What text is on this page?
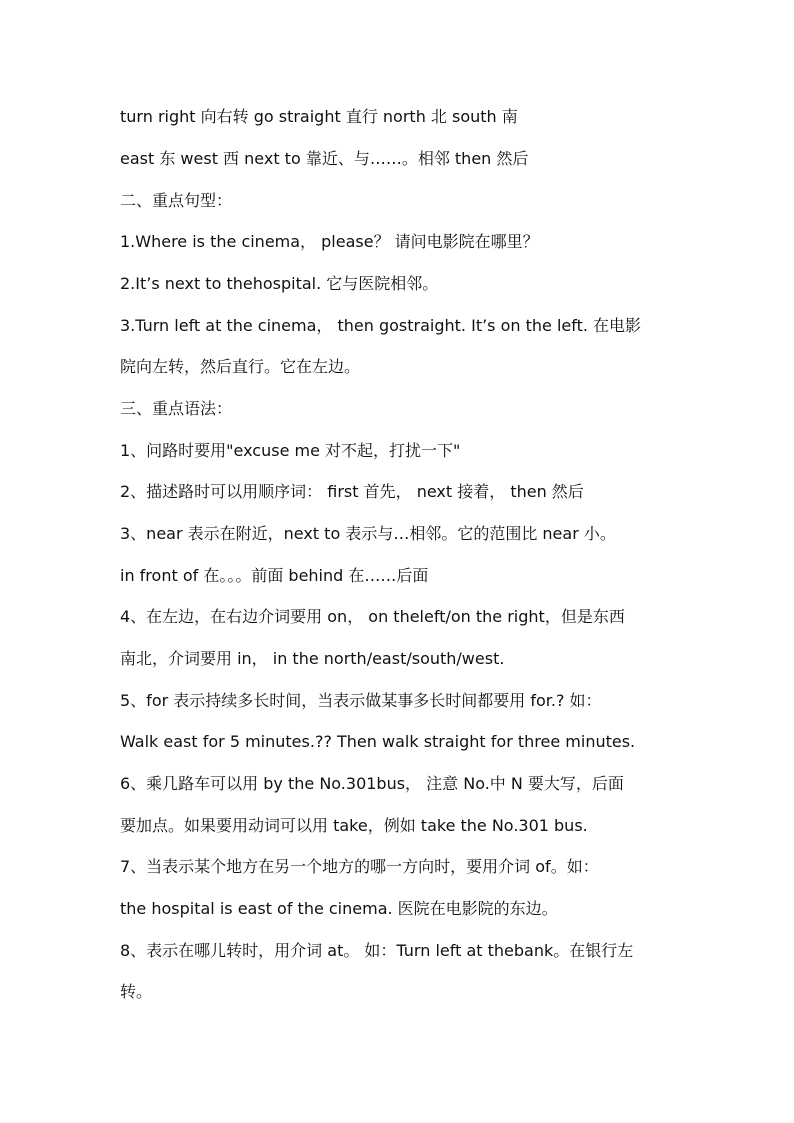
turn right 向右转 go straight 直行 north 北 south 南
east 东 west 西 next to 靠近、与……。相邻 then 然后
二、重点句型：
1.Where is the cinema， please？ 请问电影院在哪里？
2.It’s next to thehospital. 它与医院相邻。
3.Turn left at the cinema， then gostraight. It’s on the left. 在电影
院向左转，然后直行。它在左边。
三、重点语法：
1、问路时要用"excuse me 对不起，打扰一下"
2、描述路时可以用顺序词： first 首先， next 接着， then 然后
3、near 表示在附近，next to 表示与…相邻。它的范围比 near 小。
in front of 在。。。前面 behind 在……后面
4、在左边，在右边介词要用 on， on theleft/on the right，但是东西
南北，介词要用 in， in the north/east/south/west.
5、for 表示持续多长时间，当表示做某事多长时间都要用 for.? 如：
Walk east for 5 minutes.?? Then walk straight for three minutes.
6、乘几路车可以用 by the No.301bus， 注意 No.中 N 要大写，后面
要加点。如果要用动词可以用 take，例如 take the No.301 bus.
7、当表示某个地方在另一个地方的哪一方向时，要用介词 of。如：
the hospital is east of the cinema. 医院在电影院的东边。
8、表示在哪儿转时，用介词 at。 如：Turn left at thebank。在银行左
转。
